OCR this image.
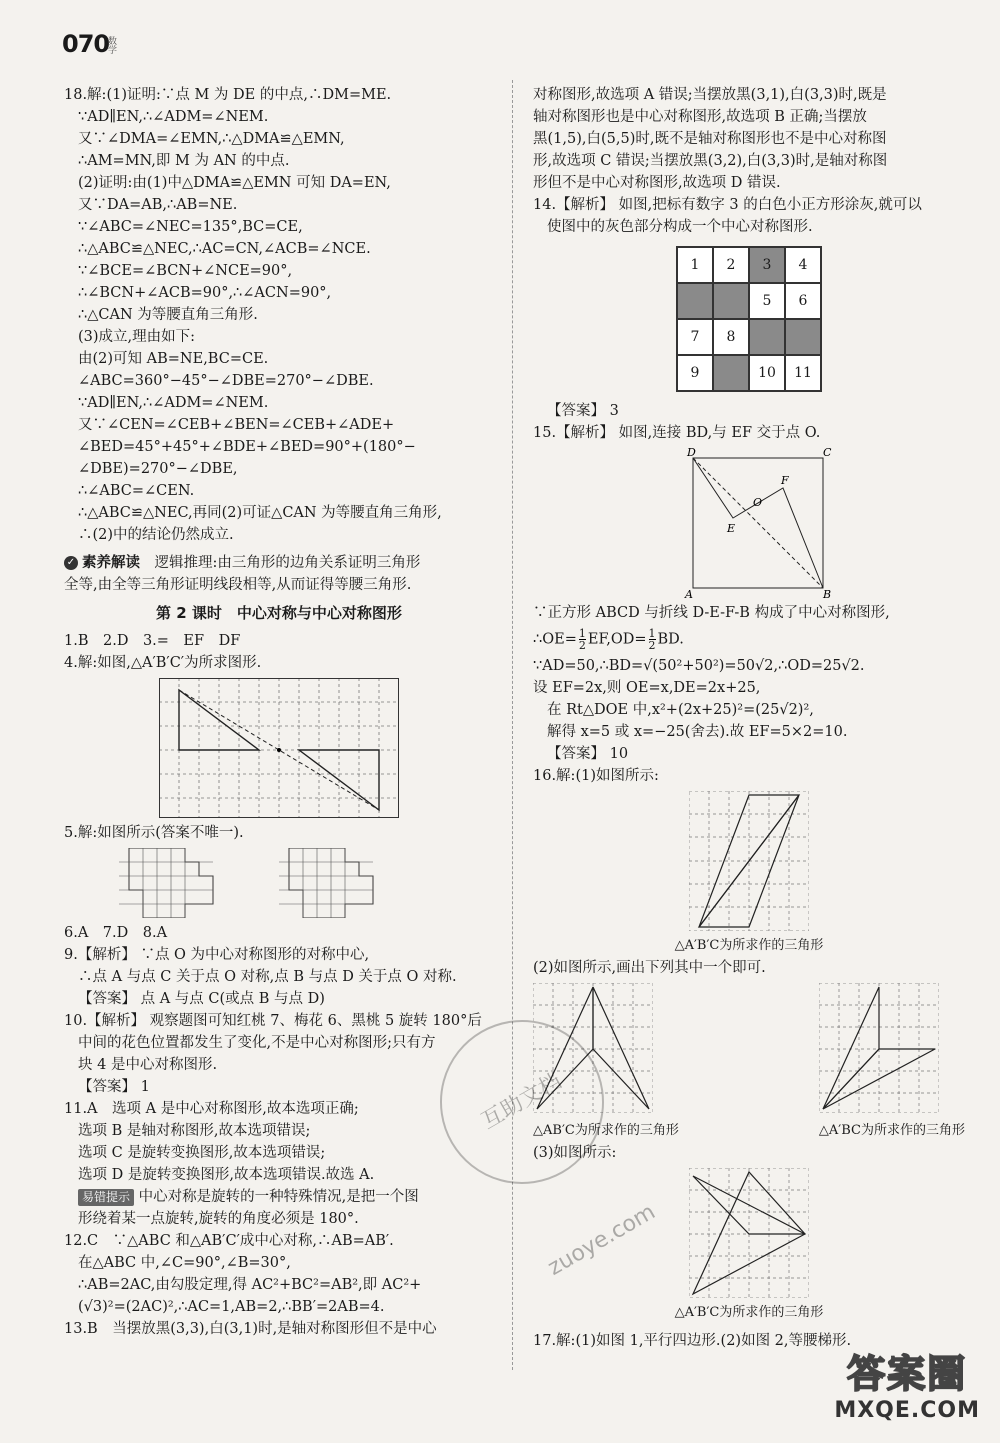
070
数学
18.解:(1)证明:∵点 M 为 DE 的中点,∴DM=ME.
∵AD∥EN,∴∠ADM=∠NEM.
又∵∠DMA=∠EMN,∴△DMA≌△EMN,
∴AM=MN,即 M 为 AN 的中点.
(2)证明:由(1)中△DMA≌△EMN 可知 DA=EN,
又∵DA=AB,∴AB=NE.
∵∠ABC=∠NEC=135°,BC=CE,
∴△ABC≌△NEC,∴AC=CN,∠ACB=∠NCE.
∵∠BCE=∠BCN+∠NCE=90°,
∴∠BCN+∠ACB=90°,∴∠ACN=90°,
∴△CAN 为等腰直角三角形.
(3)成立,理由如下:
由(2)可知 AB=NE,BC=CE.
∠ABC=360°−45°−∠DBE=270°−∠DBE.
∵AD∥EN,∴∠ADM=∠NEM.
又∵∠CEN=∠CEB+∠BEN=∠CEB+∠ADE+
∠BED=45°+45°+∠BDE+∠BED=90°+(180°−
∠DBE)=270°−∠DBE,
∴∠ABC=∠CEN.
∴△ABC≌△NEC,再同(2)可证△CAN 为等腰直角三角形,
∴(2)中的结论仍然成立.
✓ 素养解读　 逻辑推理:由三角形的边角关系证明三角形
全等,由全等三角形证明线段相等,从而证得等腰三角形.
第 2 课时　中心对称与中心对称图形
1.B　2.D　3.=　EF　DF
4.解:如图,△A′B′C′为所求图形.
5.解:如图所示(答案不唯一).
6.A　7.D　8.A
9.【解析】 ∵点 O 为中心对称图形的对称中心,
∴点 A 与点 C 关于点 O 对称,点 B 与点 D 关于点 O 对称.
【答案】 点 A 与点 C(或点 B 与点 D)
10.【解析】 观察题图可知红桃 7、梅花 6、黑桃 5 旋转 180°后
中间的花色位置都发生了变化,不是中心对称图形;只有方
块 4 是中心对称图形.
【答案】 1
11.A　选项 A 是中心对称图形,故本选项正确;
选项 B 是轴对称图形,故本选项错误;
选项 C 是旋转变换图形,故本选项错误;
选项 D 是旋转变换图形,故本选项错误.故选 A.
易错提示 中心对称是旋转的一种特殊情况,是把一个图
形绕着某一点旋转,旋转的角度必须是 180°.
12.C　∵△ABC 和△AB′C′成中心对称,∴AB=AB′.
在△ABC 中,∠C=90°,∠B=30°,
∴AB=2AC,由勾股定理,得 AC²+BC²=AB²,即 AC²+
(√3)²=(2AC)²,∴AC=1,AB=2,∴BB′=2AB=4.
13.B　当摆放黑(3,3),白(3,1)时,是轴对称图形但不是中心
对称图形,故选项 A 错误;当摆放黑(3,1),白(3,3)时,既是
轴对称图形也是中心对称图形,故选项 B 正确;当摆放
黑(1,5),白(5,5)时,既不是轴对称图形也不是中心对称图
形,故选项 C 错误;当摆放黑(3,2),白(3,3)时,是轴对称图
形但不是中心对称图形,故选项 D 错误.
14.【解析】 如图,把标有数字 3 的白色小正方形涂灰,就可以
使图中的灰色部分构成一个中心对称图形.
1	2	3	4
5	6
7	8
9	10	11
【答案】 3
15.【解析】 如图,连接 BD,与 EF 交于点 O.
D	C
A	B
E
F
O
∵正方形 ABCD 与折线 D-E-F-B 构成了中心对称图形,
∴OE= $\frac{1}{2} EF,OD= \frac{1}{2}$ BD.
∵AD=50,∴BD=√(50²+50²)=50√2,∴OD=25√2.
设 EF=2x,则 OE=x,DE=2x+25,
在 Rt△DOE 中,x²+(2x+25)²=(25√2)²,
解得 x=5 或 x=−25(舍去).故 EF=5×2=10.
【答案】 10
16.解:(1)如图所示:
△A′B′C为所求作的三角形
(2)如图所示,画出下列其中一个即可.
△AB′C为所求作的三角形	△A′BC为所求作的三角形
(3)如图所示:
△A′B′C为所求作的三角形
17.解:(1)如图 1,平行四边形.(2)如图 2,等腰梯形.
互助文档 zuoye.com
答案圈
MXQE.COM
